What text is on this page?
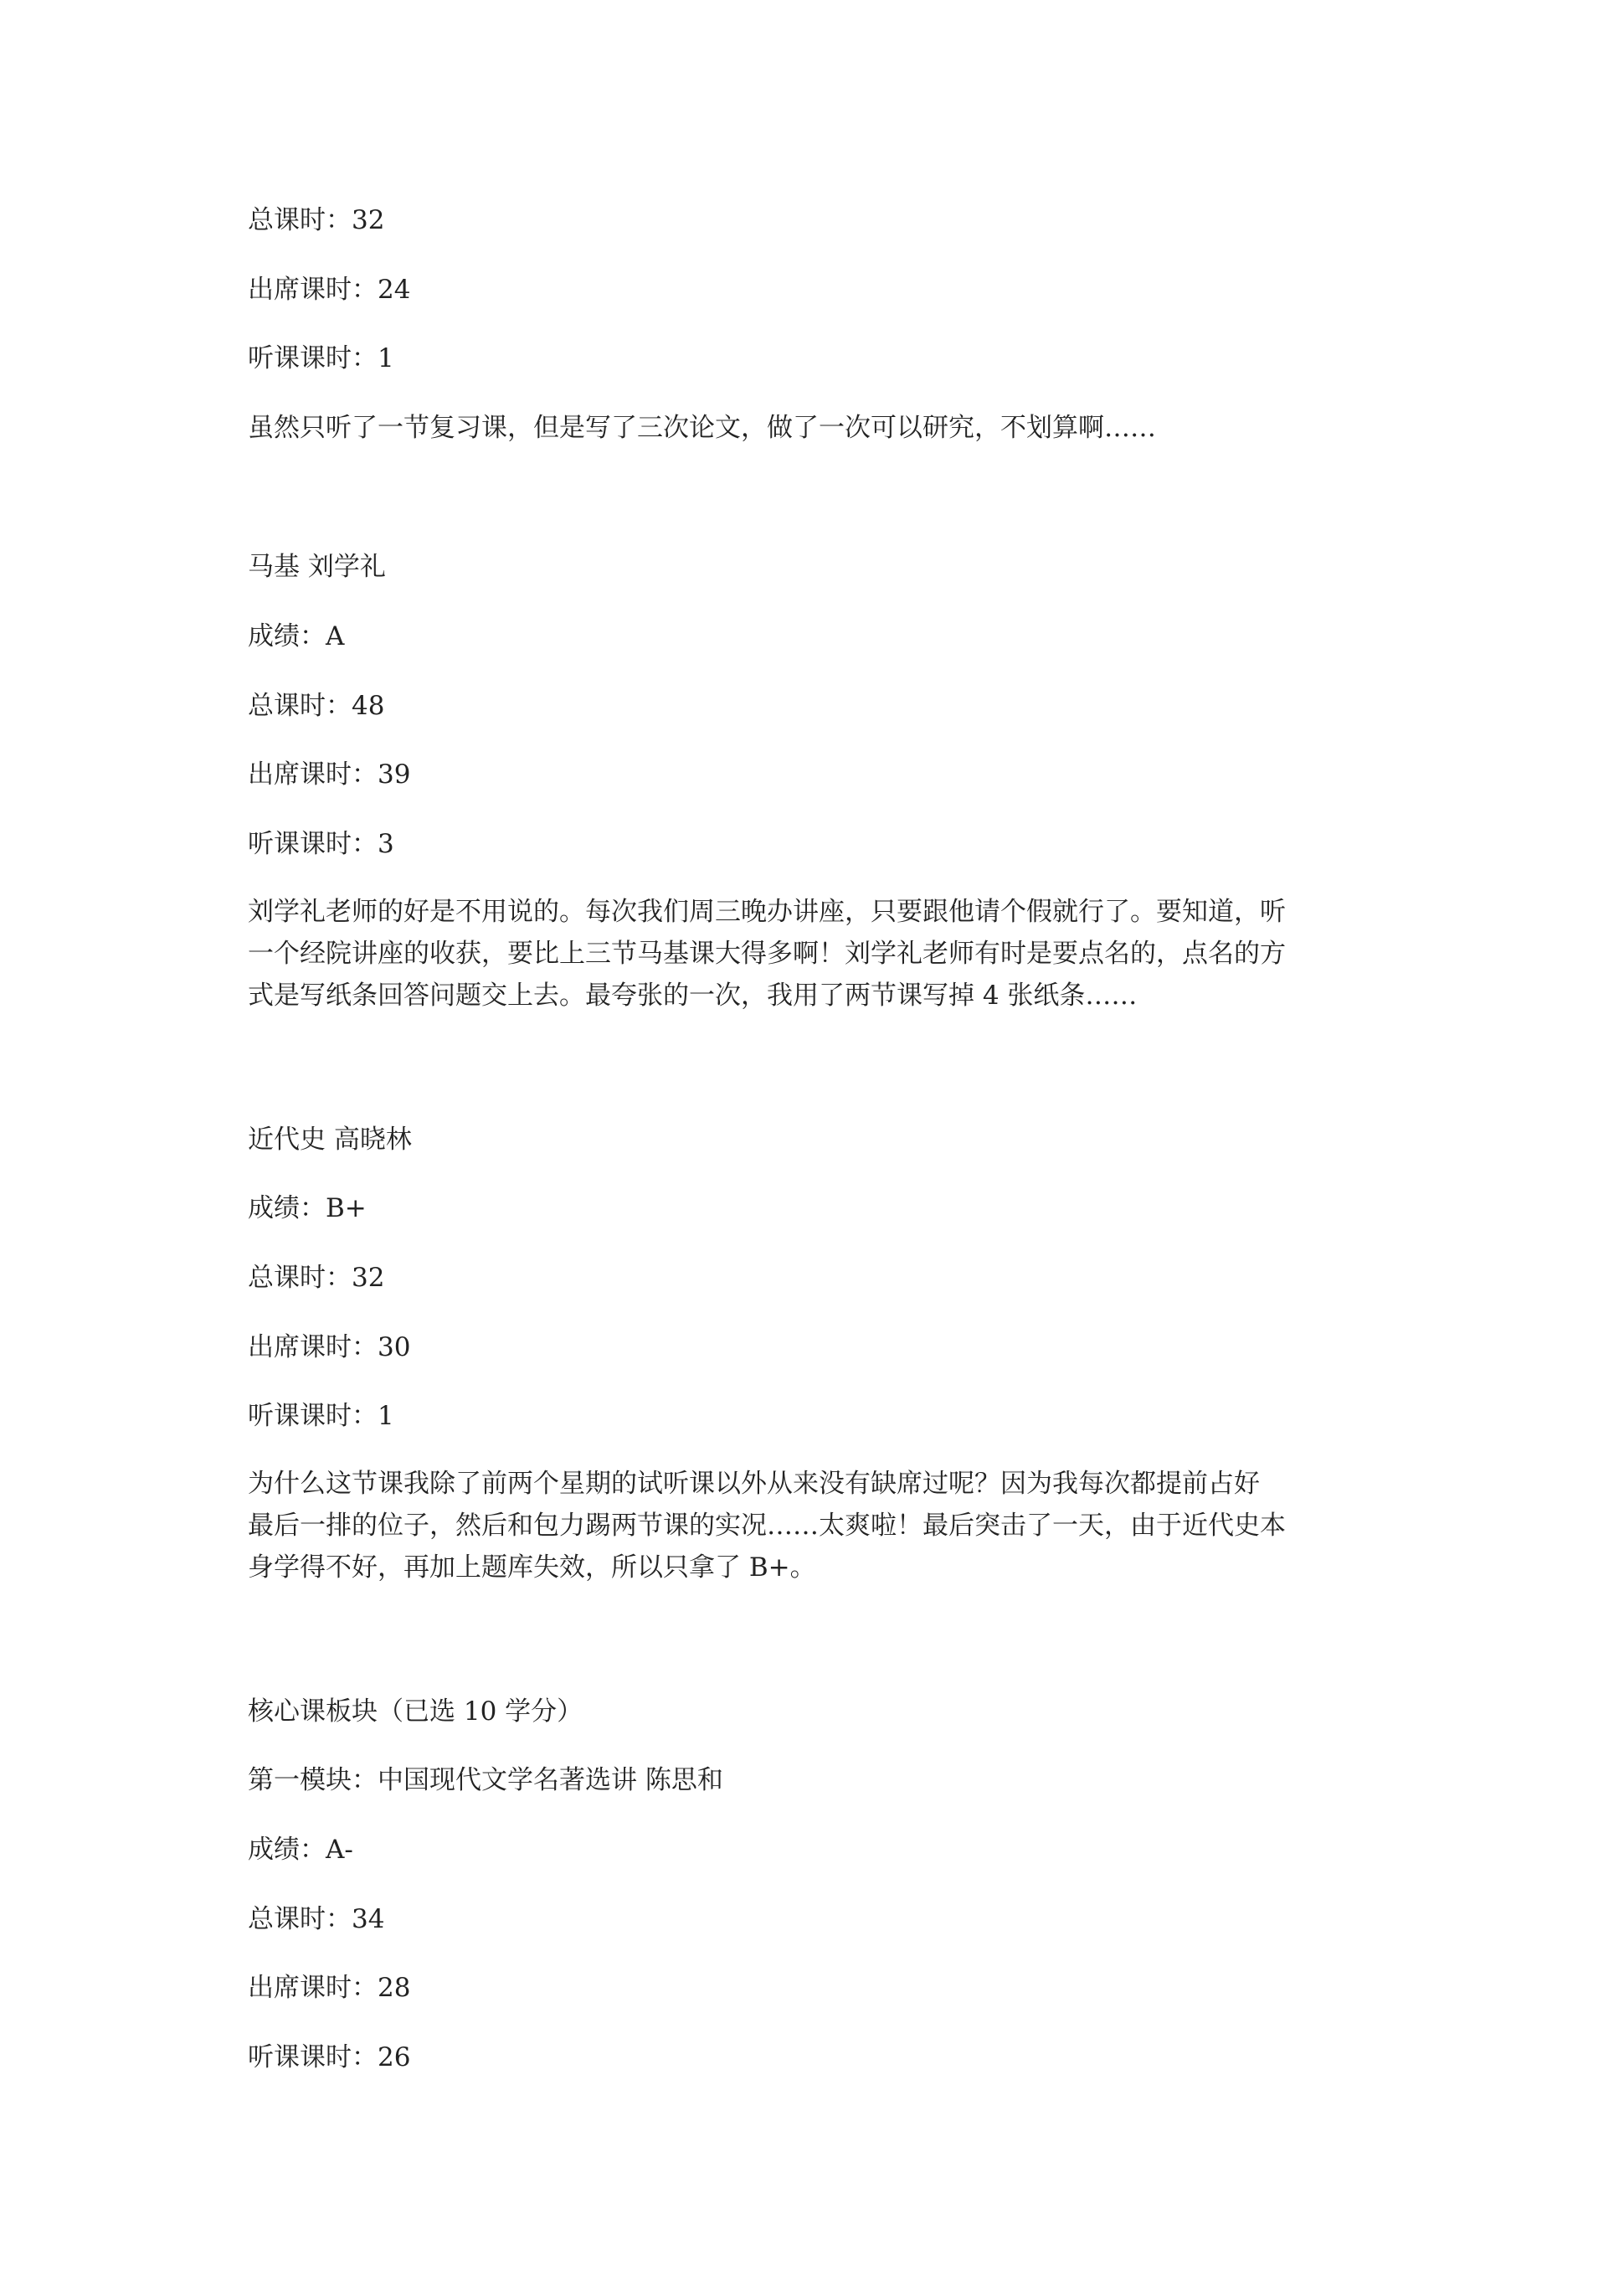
总课时：32

出席课时：24

听课课时：1

虽然只听了一节复习课，但是写了三次论文，做了一次可以研究，不划算啊……

马基 刘学礼

成绩：A

总课时：48

出席课时：39

听课课时：3

刘学礼老师的好是不用说的。每次我们周三晚办讲座，只要跟他请个假就行了。要知道，听
一个经院讲座的收获，要比上三节马基课大得多啊！刘学礼老师有时是要点名的，点名的方
式是写纸条回答问题交上去。最夸张的一次，我用了两节课写掉 4 张纸条……

近代史 高晓林

成绩：B+

总课时：32

出席课时：30

听课课时：1

为什么这节课我除了前两个星期的试听课以外从来没有缺席过呢？因为我每次都提前占好
最后一排的位子，然后和包力踢两节课的实况……太爽啦！最后突击了一天，由于近代史本
身学得不好，再加上题库失效，所以只拿了 B+。

核心课板块（已选 10 学分）

第一模块：中国现代文学名著选讲 陈思和

成绩：A-

总课时：34

出席课时：28

听课课时：26
